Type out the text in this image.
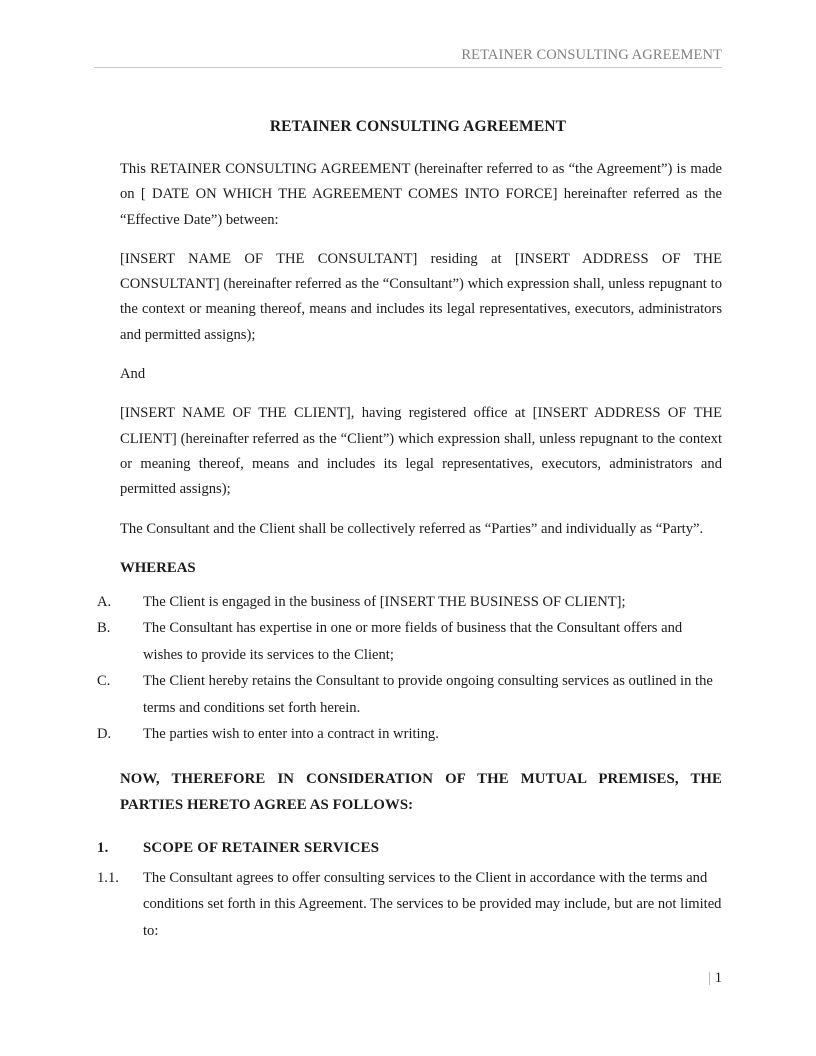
RETAINER CONSULTING AGREEMENT
RETAINER CONSULTING AGREEMENT

This RETAINER CONSULTING AGREEMENT (hereinafter referred to as “the Agreement”) is made on [ DATE ON WHICH THE AGREEMENT COMES INTO FORCE] hereinafter referred as the “Effective Date”) between:

[INSERT NAME OF THE CONSULTANT] residing at [INSERT ADDRESS OF THE CONSULTANT] (hereinafter referred as the “Consultant”) which expression shall, unless repugnant to the context or meaning thereof, means and includes its legal representatives, executors, administrators and permitted assigns);

And

[INSERT NAME OF THE CLIENT], having registered office at [INSERT ADDRESS OF THE CLIENT] (hereinafter referred as the “Client”) which expression shall, unless repugnant to the context or meaning thereof, means and includes its legal representatives, executors, administrators and permitted assigns);

The Consultant and the Client shall be collectively referred as “Parties” and individually as “Party”.

WHEREAS
A. The Client is engaged in the business of [INSERT THE BUSINESS OF CLIENT];
B. The Consultant has expertise in one or more fields of business that the Consultant offers and wishes to provide its services to the Client;
C. The Client hereby retains the Consultant to provide ongoing consulting services as outlined in the terms and conditions set forth herein.
D. The parties wish to enter into a contract in writing.

NOW, THEREFORE IN CONSIDERATION OF THE MUTUAL PREMISES, THE PARTIES HERETO AGREE AS FOLLOWS:

1. SCOPE OF RETAINER SERVICES
1.1. The Consultant agrees to offer consulting services to the Client in accordance with the terms and conditions set forth in this Agreement. The services to be provided may include, but are not limited to:
| 1
